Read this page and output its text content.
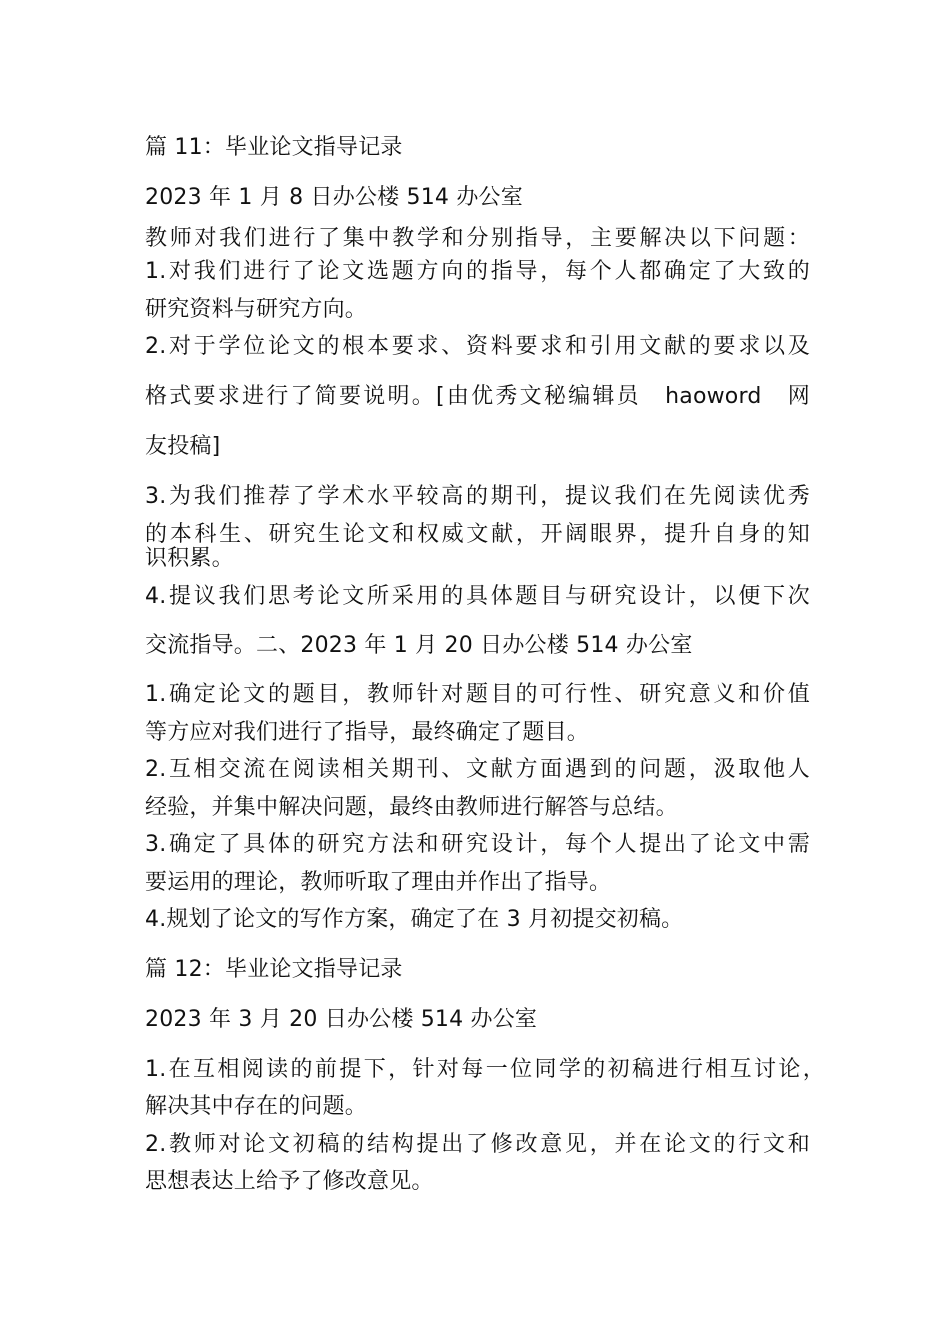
篇 11：毕业论文指导记录
2023 年 1 月 8 日办公楼 514 办公室
教师对我们进行了集中教学和分别指导，主要解决以下问题：
1.对我们进行了论文选题方向的指导，每个人都确定了大致的
研究资料与研究方向。
2.对于学位论文的根本要求、资料要求和引用文献的要求以及
格式要求进行了简要说明。[由优秀文秘编辑员　haoword　网
友投稿]
3.为我们推荐了学术水平较高的期刊，提议我们在先阅读优秀
的本科生、研究生论文和权威文献，开阔眼界，提升自身的知
识积累。
4.提议我们思考论文所采用的具体题目与研究设计，以便下次
交流指导。二、2023 年 1 月 20 日办公楼 514 办公室
1.确定论文的题目，教师针对题目的可行性、研究意义和价值
等方应对我们进行了指导，最终确定了题目。
2.互相交流在阅读相关期刊、文献方面遇到的问题，汲取他人
经验，并集中解决问题，最终由教师进行解答与总结。
3.确定了具体的研究方法和研究设计，每个人提出了论文中需
要运用的理论，教师听取了理由并作出了指导。
4.规划了论文的写作方案，确定了在 3 月初提交初稿。
篇 12：毕业论文指导记录
2023 年 3 月 20 日办公楼 514 办公室
1.在互相阅读的前提下，针对每一位同学的初稿进行相互讨论，
解决其中存在的问题。
2.教师对论文初稿的结构提出了修改意见，并在论文的行文和
思想表达上给予了修改意见。
